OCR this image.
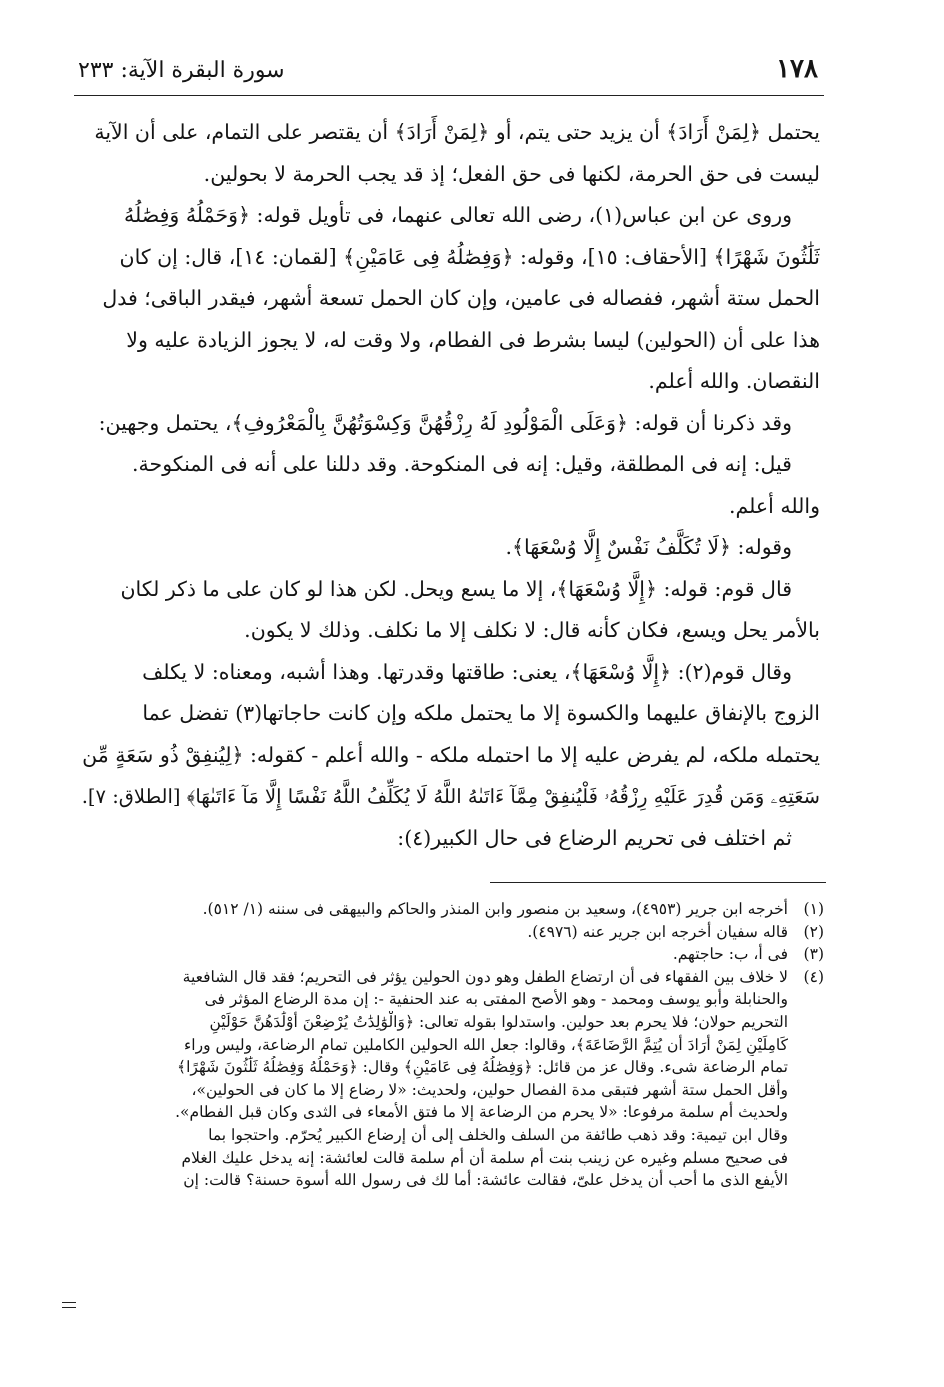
١٧٨
سورة البقرة الآية: ٢٣٣
يحتمل ﴿لِمَنْ أَرَادَ﴾ أن يزيد حتى يتم، أو ﴿لِمَنْ أَرَادَ﴾ أن يقتصر على التمام، على أن الآية
ليست فى حق الحرمة، لكنها فى حق الفعل؛ إذ قد يجب الحرمة لا بحولين.
وروى عن ابن عباس(١)، رضى الله تعالى عنهما، فى تأويل قوله: ﴿وَحَمْلُهُ وَفِصَٰلُهُ
ثَلَٰثُونَ شَهْرًا﴾ [الأحقاف: ١٥]، وقوله: ﴿وَفِصَٰلُهُ فِى عَامَيْنِ﴾ [لقمان: ١٤]، قال: إن كان
الحمل ستة أشهر، ففصاله فى عامين، وإن كان الحمل تسعة أشهر، فيقدر الباقى؛ فدل
هذا على أن (الحولين) ليسا بشرط فى الفطام، ولا وقت له، لا يجوز الزيادة عليه ولا
النقصان. والله أعلم.
وقد ذكرنا أن قوله: ﴿وَعَلَى الْمَوْلُودِ لَهُ رِزْقُهُنَّ وَكِسْوَتُهُنَّ بِالْمَعْرُوفِ﴾، يحتمل وجهين:
قيل: إنه فى المطلقة، وقيل: إنه فى المنكوحة. وقد دللنا على أنه فى المنكوحة.
والله أعلم.
وقوله: ﴿لَا تُكَلَّفُ نَفْسٌ إِلَّا وُسْعَهَا﴾.
قال قوم: قوله: ﴿إِلَّا وُسْعَهَا﴾، إلا ما يسع ويحل. لكن هذا لو كان على ما ذكر لكان
بالأمر يحل ويسع، فكان كأنه قال: لا نكلف إلا ما نكلف. وذلك لا يكون.
وقال قوم(٢): ﴿إِلَّا وُسْعَهَا﴾، يعنى: طاقتها وقدرتها. وهذا أشبه، ومعناه: لا يكلف
الزوج بالإنفاق عليهما والكسوة إلا ما يحتمل ملكه وإن كانت حاجاتها(٣) تفضل عما
يحتمله ملكه، لم يفرض عليه إلا ما احتمله ملكه - والله أعلم - كقوله: ﴿لِيُنفِقْ ذُو سَعَةٍ مِّن
سَعَتِهِۦ وَمَن قُدِرَ عَلَيْهِ رِزْقُهُۥ فَلْيُنفِقْ مِمَّآ ءَاتَىٰهُ اللَّهُ لَا يُكَلِّفُ اللَّهُ نَفْسًا إِلَّا مَآ ءَاتَىٰهَا﴾ [الطلاق: ٧].
ثم اختلف فى تحريم الرضاع فى حال الكبير(٤):
(١)أخرجه ابن جرير (٤٩٥٣)، وسعيد بن منصور وابن المنذر والحاكم والبيهقى فى سننه (١/ ٥١٢).
(٢)قاله سفيان أخرجه ابن جرير عنه (٤٩٧٦).
(٣)فى أ، ب: حاجتهم.
(٤)لا خلاف بين الفقهاء فى أن ارتضاع الطفل وهو دون الحولين يؤثر فى التحريم؛ فقد قال الشافعية
والحنابلة وأبو يوسف ومحمد - وهو الأصح المفتى به عند الحنفية -: إن مدة الرضاع المؤثر فى
التحريم حولان؛ فلا يحرم بعد حولين. واستدلوا بقوله تعالى: ﴿وَالْوَٰلِدَٰتُ يُرْضِعْنَ أَوْلَٰدَهُنَّ حَوْلَيْنِ
كَامِلَيْنِ لِمَنْ أَرَادَ أَن يُتِمَّ الرَّضَاعَةَ﴾، وقالوا: جعل الله الحولين الكاملين تمام الرضاعة، وليس وراء
تمام الرضاعة شىء. وقال عز من قائل: ﴿وَفِصَٰلُهُ فِى عَامَيْنِ﴾ وقال: ﴿وَحَمْلُهُ وَفِصَٰلُهُ ثَلَٰثُونَ شَهْرًا﴾
وأقل الحمل ستة أشهر فتبقى مدة الفصال حولين، ولحديث: «لا رضاع إلا ما كان فى الحولين»،
ولحديث أم سلمة مرفوعا: «لا يحرم من الرضاعة إلا ما فتق الأمعاء فى الثدى وكان قبل الفطام».
وقال ابن تيمية: وقد ذهب طائفة من السلف والخلف إلى أن إرضاع الكبير يُحرّم. واحتجوا بما
فى صحيح مسلم وغيره عن زينب بنت أم سلمة أن أم سلمة قالت لعائشة: إنه يدخل عليك الغلام
الأيفع الذى ما أحب أن يدخل علىّ، فقالت عائشة: أما لك فى رسول الله أسوة حسنة؟ قالت: إن
